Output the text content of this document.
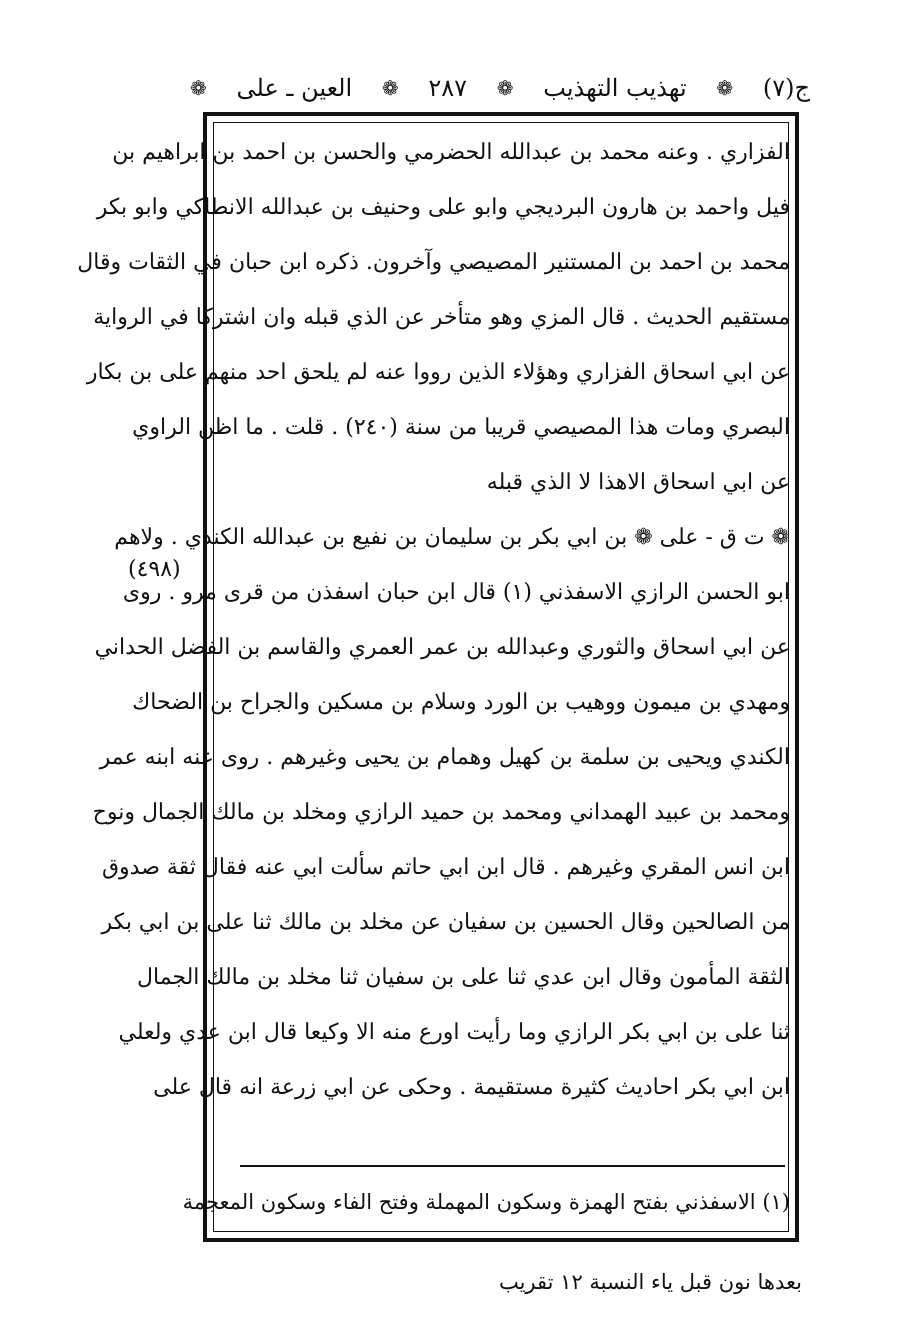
ج(٧)
❁
تهذيب التهذيب
❁
٢٨٧
❁
العين ـ على
❁
(٤٩٨)
الفزاري . وعنه محمد بن عبدالله الحضرمي والحسن بن احمد بن ابراهيم بن
فيل واحمد بن هارون البرديجي وابو على وحنيف بن عبدالله الانطاكي وابو بكر
محمد بن احمد بن المستنير المصيصي وآخرون. ذكره ابن حبان في الثقات وقال
مستقيم الحديث . قال المزي وهو متأخر عن الذي قبله وان اشتركا في الرواية
عن ابي اسحاق الفزاري وهؤلاء الذين رووا عنه لم يلحق احد منهم على بن بكار
البصري ومات هذا المصيصي قريبا من سنة (٢٤٠) . قلت . ما اظن الراوي
عن ابي اسحاق الاهذا لا الذي قبله
❁ ت ق - على ❁ بن ابي بكر بن سليمان بن نفيع بن عبدالله الكندي . ولاهم
ابو الحسن الرازي الاسفذني (١) قال ابن حبان اسفذن من قرى مرو . روى
عن ابي اسحاق والثوري وعبدالله بن عمر العمري والقاسم بن الفضل الحداني
ومهدي بن ميمون ووهيب بن الورد وسلام بن مسكين والجراح بن الضحاك
الكندي ويحيى بن سلمة بن كهيل وهمام بن يحيى وغيرهم . روى عنه ابنه عمر
ومحمد بن عبيد الهمداني ومحمد بن حميد الرازي ومخلد بن مالك الجمال ونوح
ابن انس المقري وغيرهم . قال ابن ابي حاتم سألت ابي عنه فقال ثقة صدوق
من الصالحين وقال الحسين بن سفيان عن مخلد بن مالك ثنا على بن ابي بكر
الثقة المأمون وقال ابن عدي ثنا على بن سفيان ثنا مخلد بن مالك الجمال
ثنا على بن ابي بكر الرازي وما رأيت اورع منه الا وكيعا قال ابن عدي ولعلي
ابن ابي بكر احاديث كثيرة مستقيمة . وحكى عن ابي زرعة انه قال على
(١) الاسفذني بفتح الهمزة وسكون المهملة وفتح الفاء وسكون المعجمة
بعدها نون قبل ياء النسبة ١٢ تقريب
